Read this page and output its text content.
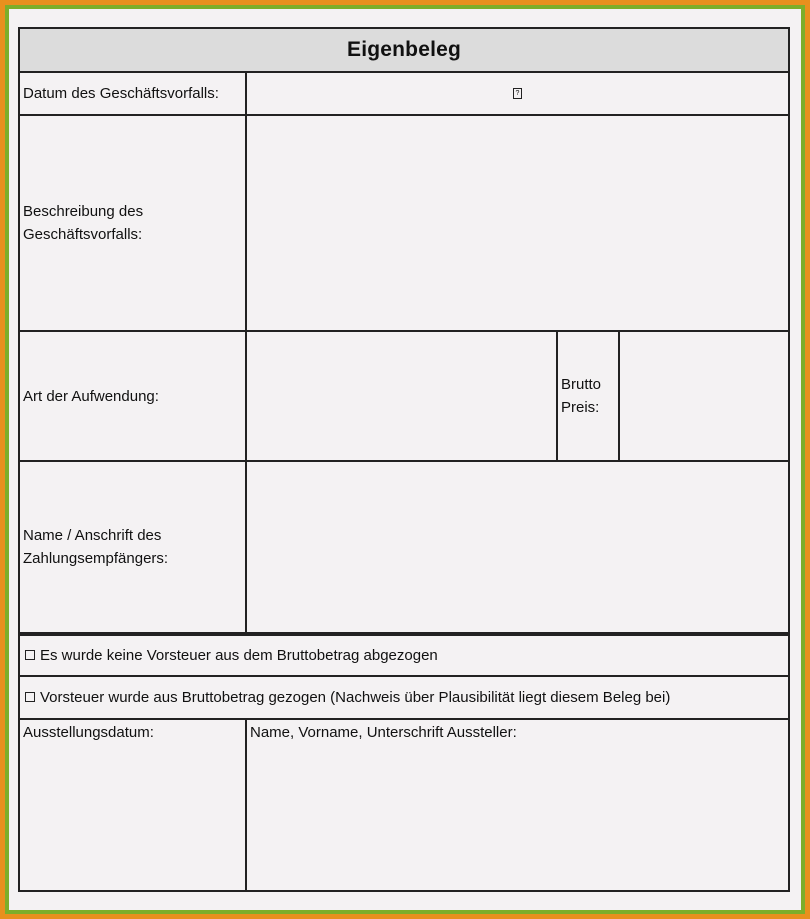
Eigenbeleg
Datum des Geschäftsvorfalls:	?
Beschreibung des
Geschäftsvorfalls:
Art der Aufwendung:
Brutto
Preis:
Name / Anschrift des
Zahlungsempfängers:
Es wurde keine Vorsteuer aus dem Bruttobetrag abgezogen
Vorsteuer wurde aus Bruttobetrag gezogen (Nachweis über Plausibilität liegt diesem Beleg bei)
Ausstellungsdatum:	Name, Vorname, Unterschrift Aussteller:
